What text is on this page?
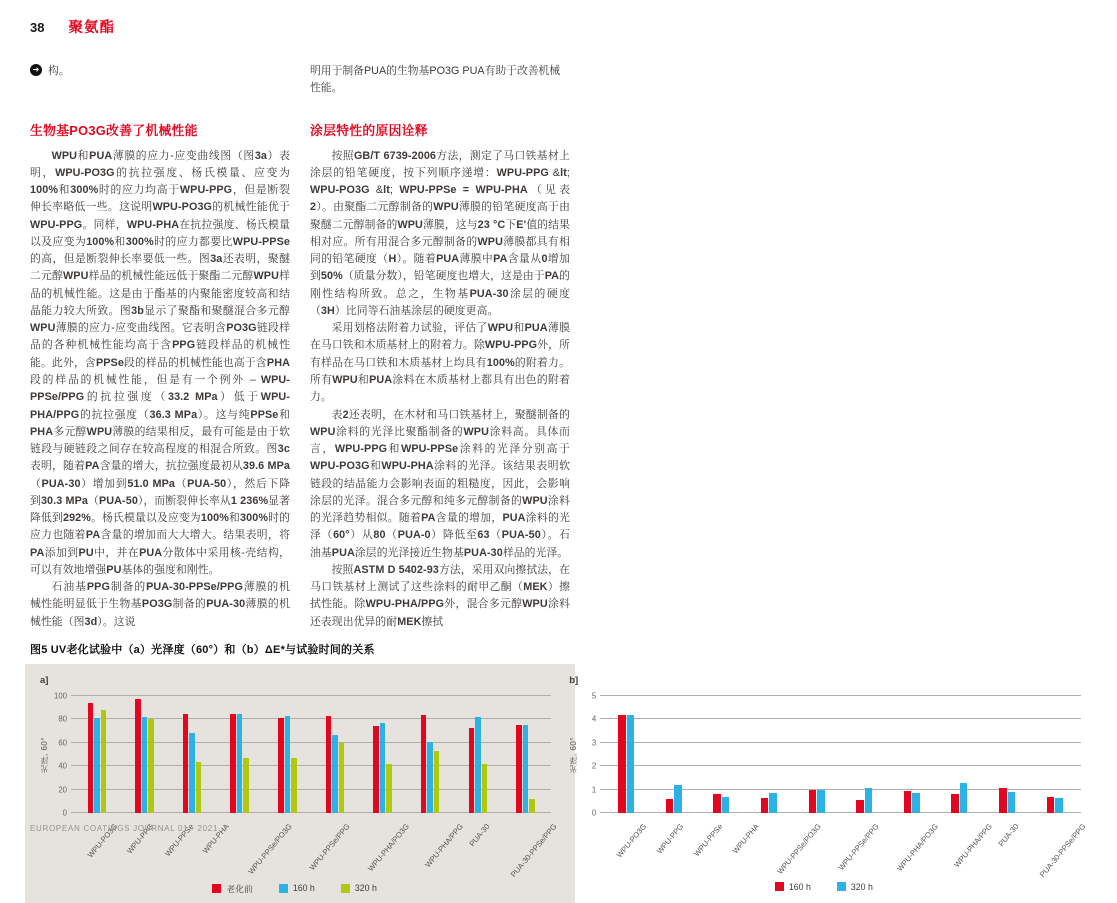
38 聚氨酯
➔ 构。	明用于制备PUA的生物基PO3G PUA有助于改善机械性能。
生物基PO3G改善了机械性能

WPU和PUA薄膜的应力-应变曲线图（图3a）表明，WPU-PO3G的抗拉强度、杨氏模量、应变为100%和300%时的应力均高于WPU-PPG，但是断裂伸长率略低一些。这说明WPU-PO3G的机械性能优于WPU-PPG。同样，WPU-PHA在抗拉强度、杨氏模量以及应变为100%和300%时的应力都要比WPU-PPSe的高，但是断裂伸长率要低一些。图3a还表明，聚醚二元醇WPU样品的机械性能远低于聚酯二元醇WPU样品的机械性能。这是由于酯基的内聚能密度较高和结晶能力较大所致。图3b显示了聚酯和聚醚混合多元醇WPU薄膜的应力-应变曲线图。它表明含PO3G链段样品的各种机械性能均高于含PPG链段样品的机械性能。此外，含PPSe段的样品的机械性能也高于含PHA段的样品的机械性能，但是有一个例外 – WPU-PPSe/PPG的抗拉强度（33.2 MPa）低于WPU-PHA/PPG的抗拉强度（36.3 MPa）。这与纯PPSe和PHA多元醇WPU薄膜的结果相反，最有可能是由于软链段与硬链段之间存在较高程度的相混合所致。图3c表明，随着PA含量的增大，抗拉强度最初从39.6 MPa（PUA-30）增加到51.0 MPa（PUA-50），然后下降到30.3 MPa（PUA-50），而断裂伸长率从1 236%显著降低到292%。杨氏模量以及应变为100%和300%时的应力也随着PA含量的增加而大大增大。结果表明，将PA添加到PU中，并在PUA分散体中采用核-壳结构，可以有效地增强PU基体的强度和刚性。

石油基PPG制备的PUA-30-PPSe/PPG薄膜的机械性能明显低于生物基PO3G制备的PUA-30薄膜的机械性能（图3d）。这说

涂层特性的原因诠释

按照GB/T 6739-2006方法，测定了马口铁基材上涂层的铅笔硬度，按下列顺序递增：WPU-PPG &lt; WPU-PO3G &lt; WPU-PPSe = WPU-PHA（见表2）。由聚酯二元醇制备的WPU薄膜的铅笔硬度高于由聚醚二元醇制备的WPU薄膜，这与23 °C下E'值的结果相对应。所有用混合多元醇制备的WPU薄膜都具有相同的铅笔硬度（H）。随着PUA薄膜中PA含量从0增加到50%（质量分数），铅笔硬度也增大，这是由于PA的刚性结构所致。总之，生物基PUA-30涂层的硬度（3H）比同等石油基涂层的硬度更高。

采用划格法附着力试验，评估了WPU和PUA薄膜在马口铁和木质基材上的附着力。除WPU-PPG外，所有样品在马口铁和木质基材上均具有100%的附着力。所有WPU和PUA涂料在木质基材上都具有出色的附着力。

表2还表明，在木材和马口铁基材上，聚醚制备的WPU涂料的光泽比聚酯制备的WPU涂料高。具体而言，WPU-PPG和WPU-PPSe涂料的光泽分别高于WPU-PO3G和WPU-PHA涂料的光泽。该结果表明软链段的结晶能力会影响表面的粗糙度，因此，会影响涂层的光泽。混合多元醇和纯多元醇制备的WPU涂料的光泽趋势相似。随着PA含量的增加，PUA涂料的光泽（60°）从80（PUA-0）降低至63（PUA-50）。石油基PUA涂层的光泽接近生物基PUA-30样品的光泽。

按照ASTM D 5402-93方法，采用双向擦拭法，在马口铁基材上测试了这些涂料的耐甲乙酮（MEK）擦拭性能。除WPU-PHA/PPG外，混合多元醇WPU涂料还表现出优异的耐MEK擦拭

图5 UV老化试验中（a）光泽度（60°）和（b）ΔE*与试验时间的关系
a]
光泽, 60°
0
20
40
60
80
100
WPU-PO3G WPU-PPG WPU-PPSe WPU-PHA	WPU-PPSe/PO3G	WPU-PPSe/PPG	WPU-PHA/PO3G	WPU-PHA/PPG PUA-30	PUA-30-PPSe/PPG
老化前	160 h	320 h
b]
光泽, 60°
0
1
2
3
4
5
WPU-PO3G WPU-PPG WPU-PPSe WPU-PHA	WPU-PPSe/PO3G	WPU-PPSe/PPG	WPU-PHA/PO3G	WPU-PHA/PPG PUA-30	PUA-30-PPSe/PPG
160 h	320 h
EUROPEAN COATINGS JOURNAL 01 - 2021
